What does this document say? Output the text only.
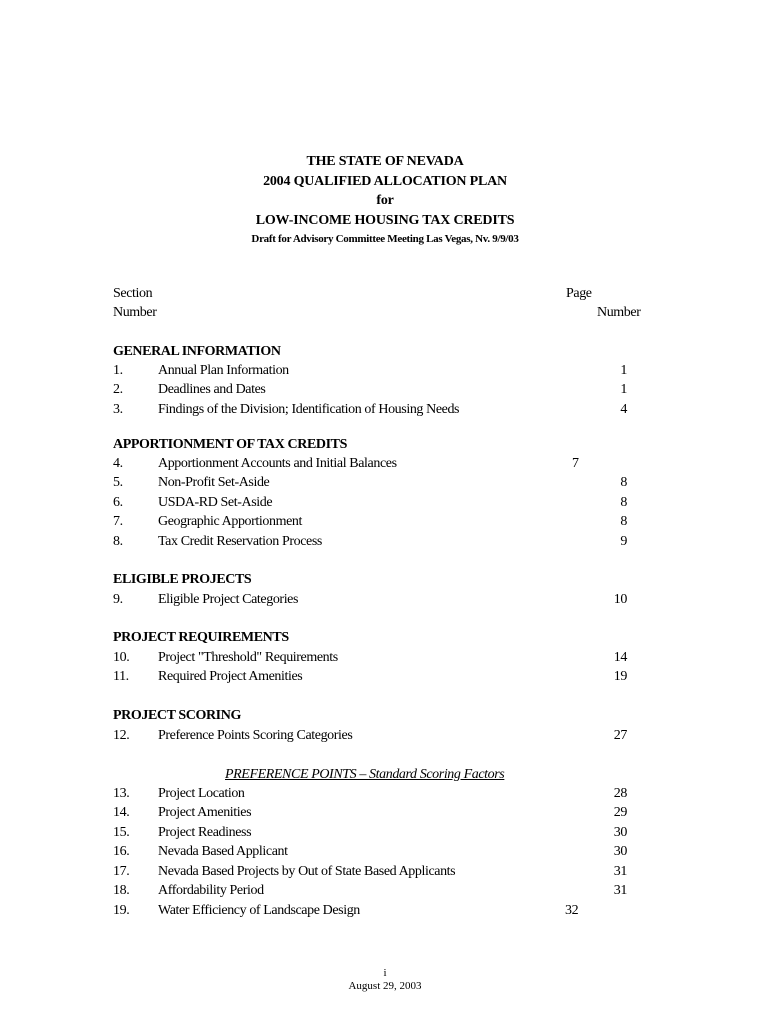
THE STATE OF NEVADA
2004 QUALIFIED ALLOCATION PLAN
for
LOW-INCOME HOUSING TAX CREDITS
Draft for Advisory Committee Meeting Las Vegas, Nv. 9/9/03
Section
Number
Page
Number
GENERAL INFORMATION
1.	Annual Plan Information	1
2.	Deadlines and Dates	1
3.	Findings of the Division; Identification of Housing Needs	4
APPORTIONMENT OF TAX CREDITS
4.	Apportionment Accounts and Initial Balances	7
5.	Non-Profit Set-Aside	8
6.	USDA-RD Set-Aside	8
7.	Geographic Apportionment	8
8.	Tax Credit Reservation Process	9
ELIGIBLE PROJECTS
9.	Eligible Project Categories	10
PROJECT REQUIREMENTS
10. Project "Threshold" Requirements	14
11. Required Project Amenities	19
PROJECT SCORING
12. Preference Points Scoring Categories	27
PREFERENCE POINTS – Standard Scoring Factors
13. Project Location	28
14. Project Amenities	29
15. Project Readiness	30
16. Nevada Based Applicant	30
17. Nevada Based Projects by Out of State Based Applicants	31
18. Affordability Period	31
19. Water Efficiency of Landscape Design	32
i
August 29, 2003
